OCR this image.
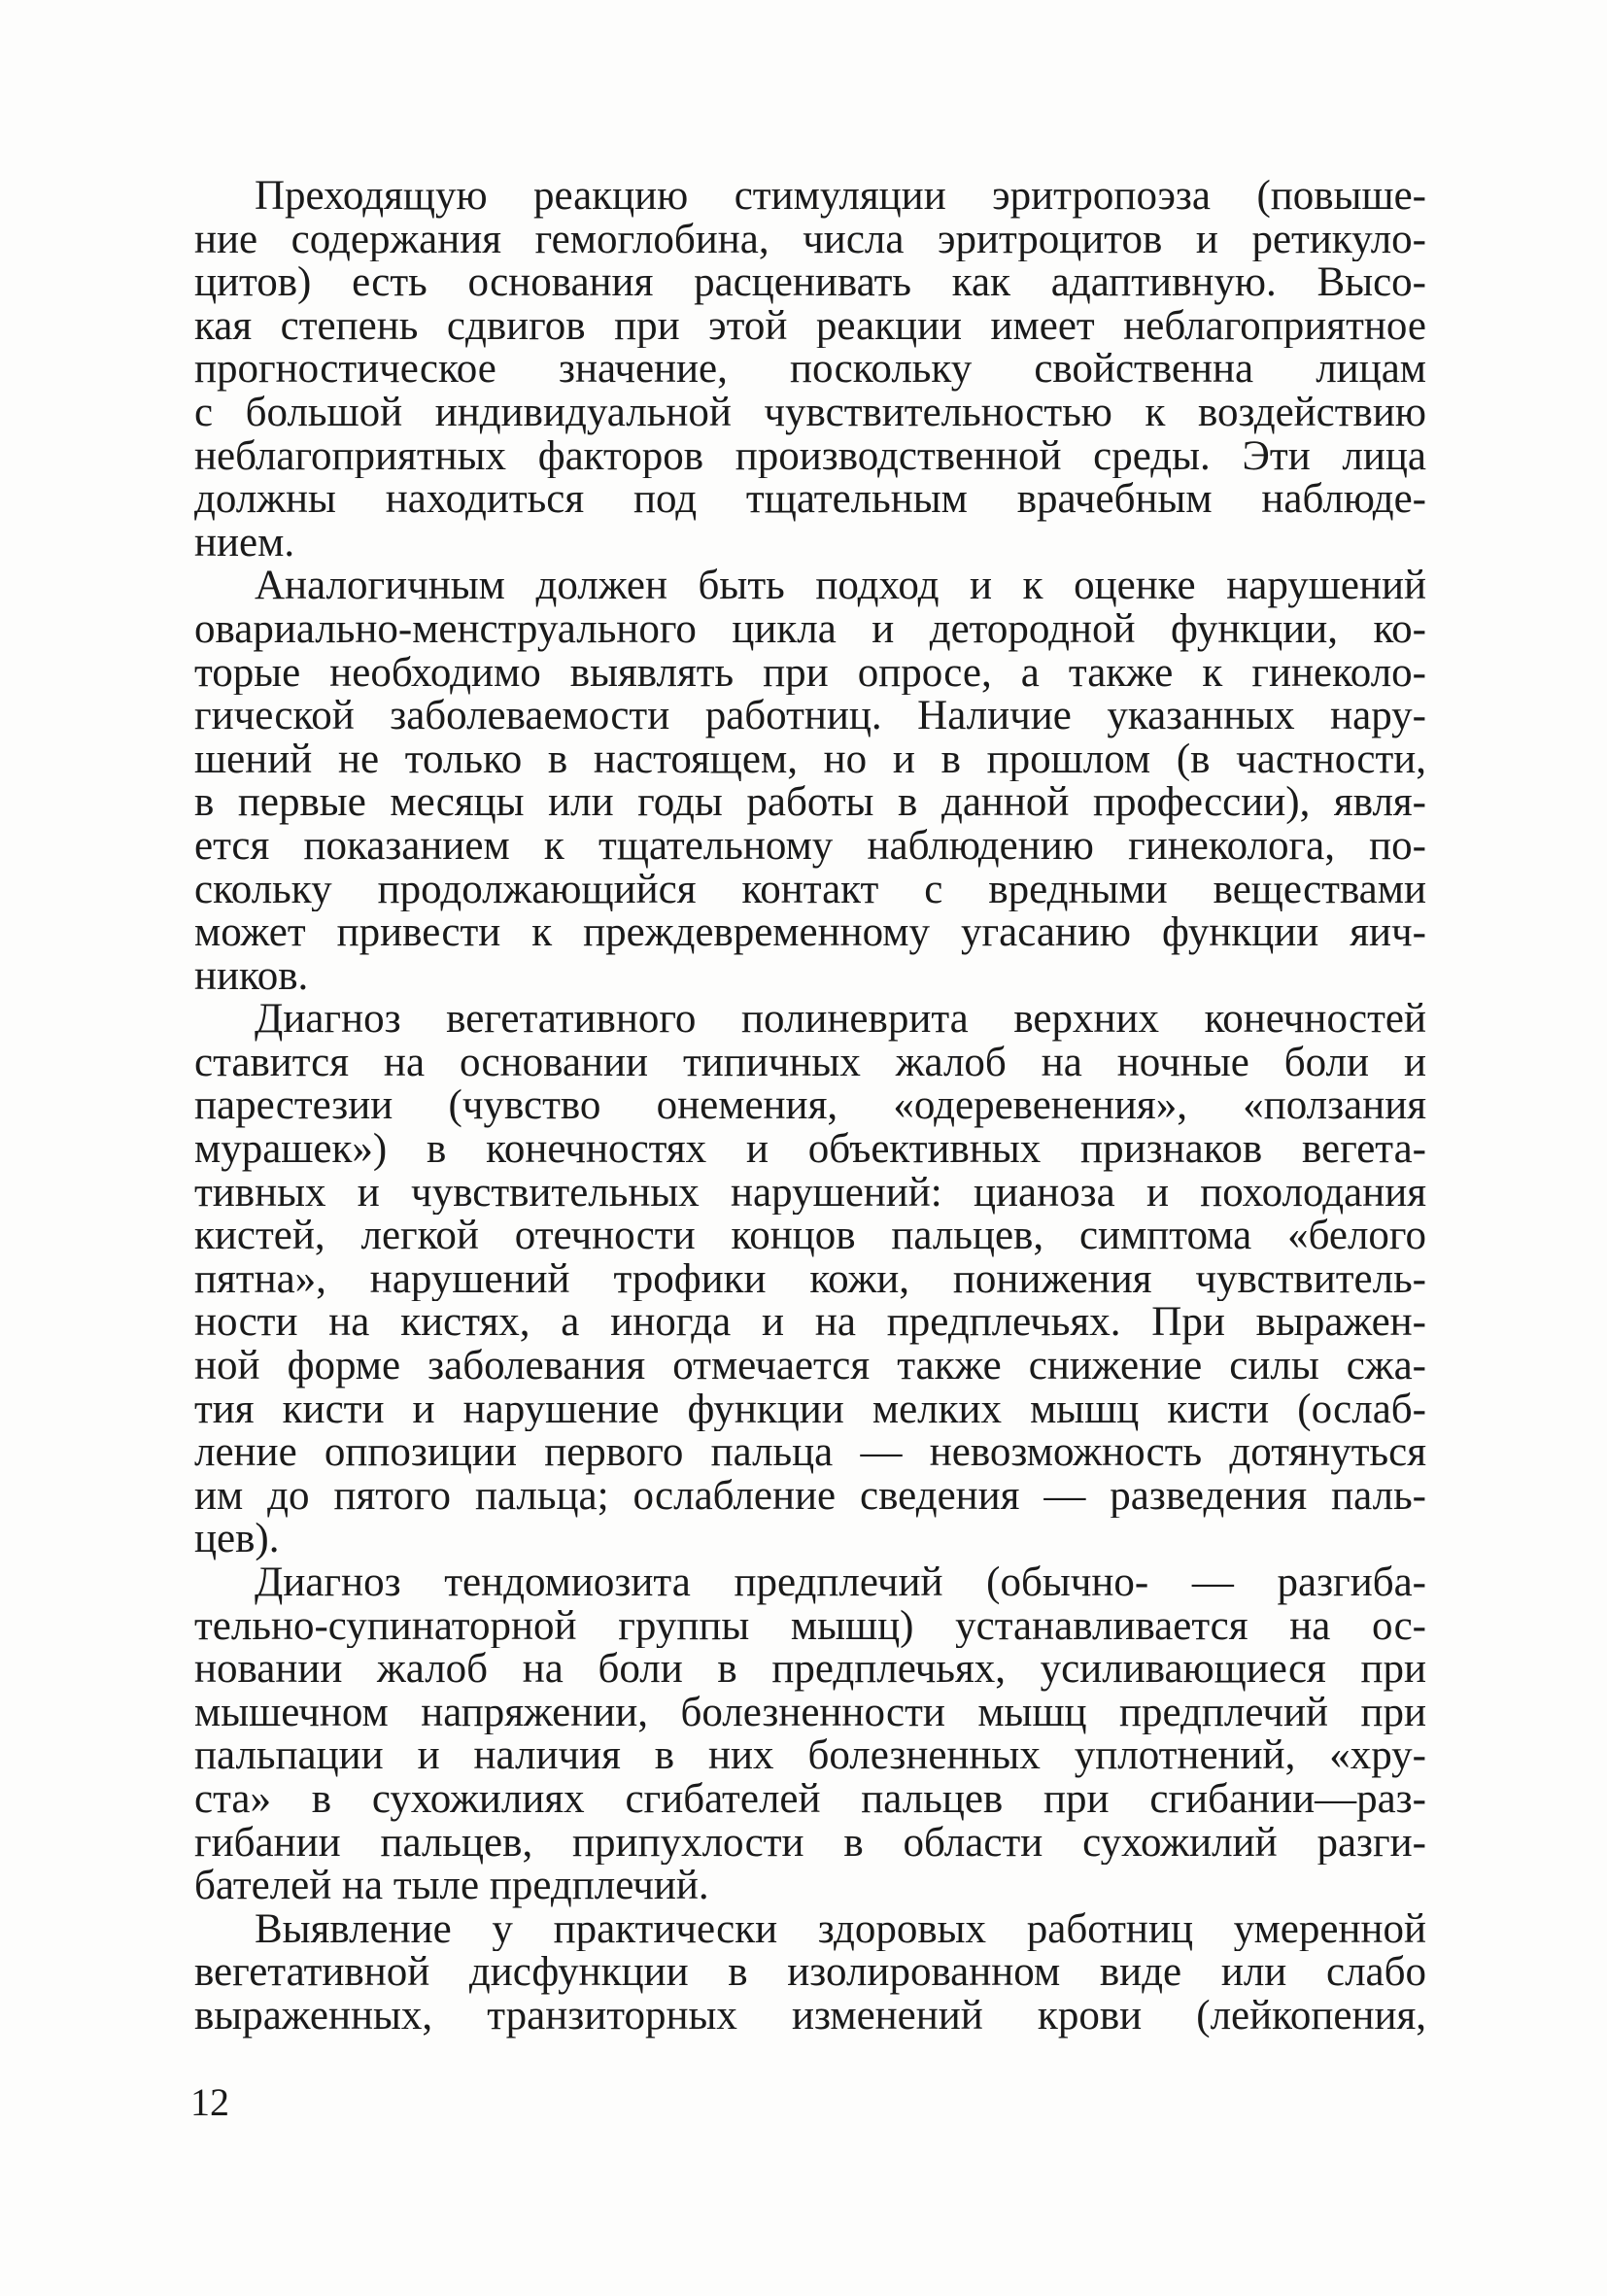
Преходящую реакцию стимуляции эритропоэза (повыше-
ние содержания гемоглобина, числа эритроцитов и ретикуло-
цитов) есть основания расценивать как адаптивную. Высо-
кая степень сдвигов при этой реакции имеет неблагоприятное
прогностическое значение, поскольку свойственна лицам
с большой индивидуальной чувствительностью к воздействию
неблагоприятных факторов производственной среды. Эти лица
должны находиться под тщательным врачебным наблюде-
нием.
Аналогичным должен быть подход и к оценке нарушений
овариально-менструального цикла и детородной функции, ко-
торые необходимо выявлять при опросе, а также к гинеколо-
гической заболеваемости работниц. Наличие указанных нару-
шений не только в настоящем, но и в прошлом (в частности,
в первые месяцы или годы работы в данной профессии), явля-
ется показанием к тщательному наблюдению гинеколога, по-
скольку продолжающийся контакт с вредными веществами
может привести к преждевременному угасанию функции яич-
ников.
Диагноз вегетативного полиневрита верхних конечностей
ставится на основании типичных жалоб на ночные боли и
парестезии (чувство онемения, «одеревенения», «ползания
мурашек») в конечностях и объективных признаков вегета-
тивных и чувствительных нарушений: цианоза и похолодания
кистей, легкой отечности концов пальцев, симптома «белого
пятна», нарушений трофики кожи, понижения чувствитель-
ности на кистях, а иногда и на предплечьях. При выражен-
ной форме заболевания отмечается также снижение силы сжа-
тия кисти и нарушение функции мелких мышц кисти (ослаб-
ление оппозиции первого пальца — невозможность дотянуться
им до пятого пальца; ослабление сведения — разведения паль-
цев).
Диагноз тендомиозита предплечий (обычно- — разгиба-
тельно-супинаторной группы мышц) устанавливается на ос-
новании жалоб на боли в предплечьях, усиливающиеся при
мышечном напряжении, болезненности мышц предплечий при
пальпации и наличия в них болезненных уплотнений, «хру-
ста» в сухожилиях сгибателей пальцев при сгибании—раз-
гибании пальцев, припухлости в области сухожилий разги-
бателей на тыле предплечий.
Выявление у практически здоровых работниц умеренной
вегетативной дисфункции в изолированном виде или слабо
выраженных, транзиторных изменений крови (лейкопения,
12
